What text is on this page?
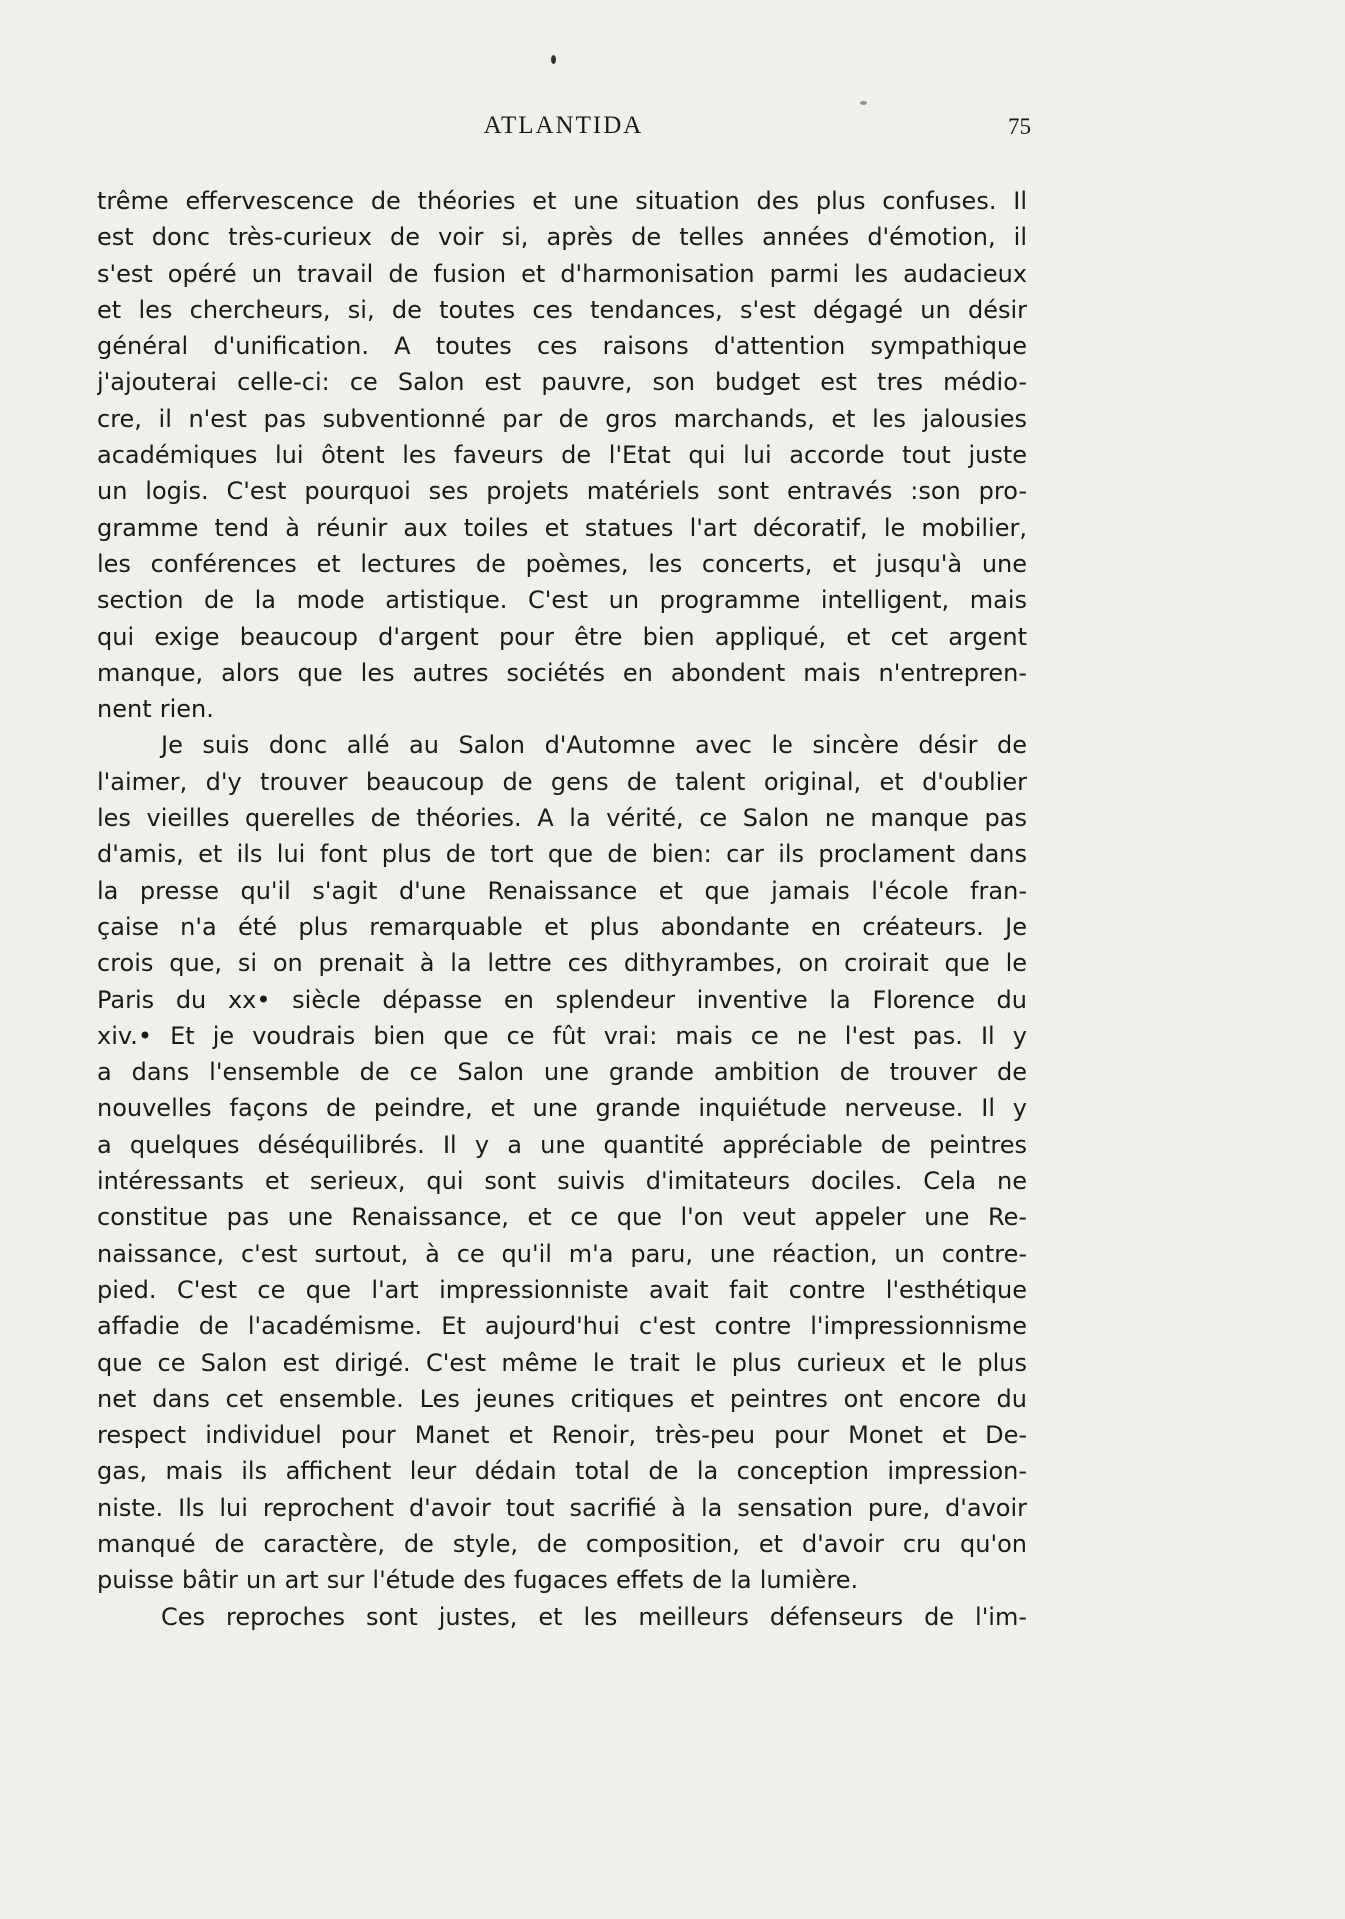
ATLANTIDA	75
trême effervescence de théories et une situation des plus confuses. Il
est donc très-curieux de voir si, après de telles années d'émotion, il
s'est opéré un travail de fusion et d'harmonisation parmi les audacieux
et les chercheurs, si, de toutes ces tendances, s'est dégagé un désir
général d'unification. A toutes ces raisons d'attention sympathique
j'ajouterai celle-ci: ce Salon est pauvre, son budget est tres médio-
cre, il n'est pas subventionné par de gros marchands, et les jalousies
académiques lui ôtent les faveurs de l'Etat qui lui accorde tout juste
un logis. C'est pourquoi ses projets matériels sont entravés :son pro-
gramme tend à réunir aux toiles et statues l'art décoratif, le mobilier,
les conférences et lectures de poèmes, les concerts, et jusqu'à une
section de la mode artistique. C'est un programme intelligent, mais
qui exige beaucoup d'argent pour être bien appliqué, et cet argent
manque, alors que les autres sociétés en abondent mais n'entrepren-
nent rien.
Je suis donc allé au Salon d'Automne avec le sincère désir de
l'aimer, d'y trouver beaucoup de gens de talent original, et d'oublier
les vieilles querelles de théories. A la vérité, ce Salon ne manque pas
d'amis, et ils lui font plus de tort que de bien: car ils proclament dans
la presse qu'il s'agit d'une Renaissance et que jamais l'école fran-
çaise n'a été plus remarquable et plus abondante en créateurs. Je
crois que, si on prenait à la lettre ces dithyrambes, on croirait que le
Paris du xx• siècle dépasse en splendeur inventive la Florence du
xiv.• Et je voudrais bien que ce fût vrai: mais ce ne l'est pas. Il y
a dans l'ensemble de ce Salon une grande ambition de trouver de
nouvelles façons de peindre, et une grande inquiétude nerveuse. Il y
a quelques déséquilibrés. Il y a une quantité appréciable de peintres
intéressants et serieux, qui sont suivis d'imitateurs dociles. Cela ne
constitue pas une Renaissance, et ce que l'on veut appeler une Re-
naissance, c'est surtout, à ce qu'il m'a paru, une réaction, un contre-
pied. C'est ce que l'art impressionniste avait fait contre l'esthétique
affadie de l'académisme. Et aujourd'hui c'est contre l'impressionnisme
que ce Salon est dirigé. C'est même le trait le plus curieux et le plus
net dans cet ensemble. Les jeunes critiques et peintres ont encore du
respect individuel pour Manet et Renoir, très-peu pour Monet et De-
gas, mais ils affichent leur dédain total de la conception impression-
niste. Ils lui reprochent d'avoir tout sacrifié à la sensation pure, d'avoir
manqué de caractère, de style, de composition, et d'avoir cru qu'on
puisse bâtir un art sur l'étude des fugaces effets de la lumière.
Ces reproches sont justes, et les meilleurs défenseurs de l'im-
